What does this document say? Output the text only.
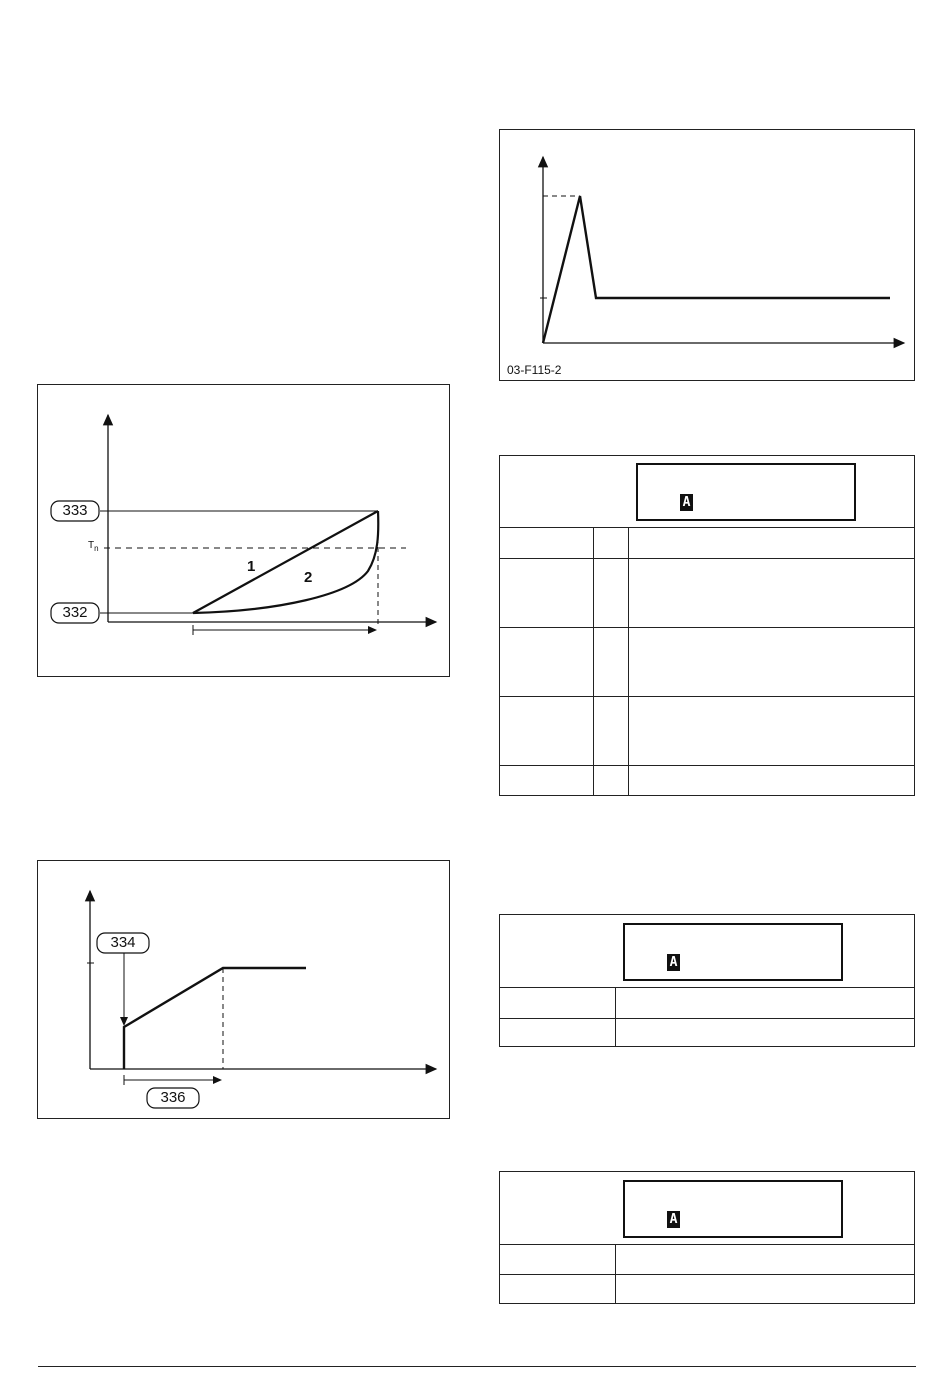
333
332
$T_n$
1
2
334
336
03-F115-2
A
A
A
